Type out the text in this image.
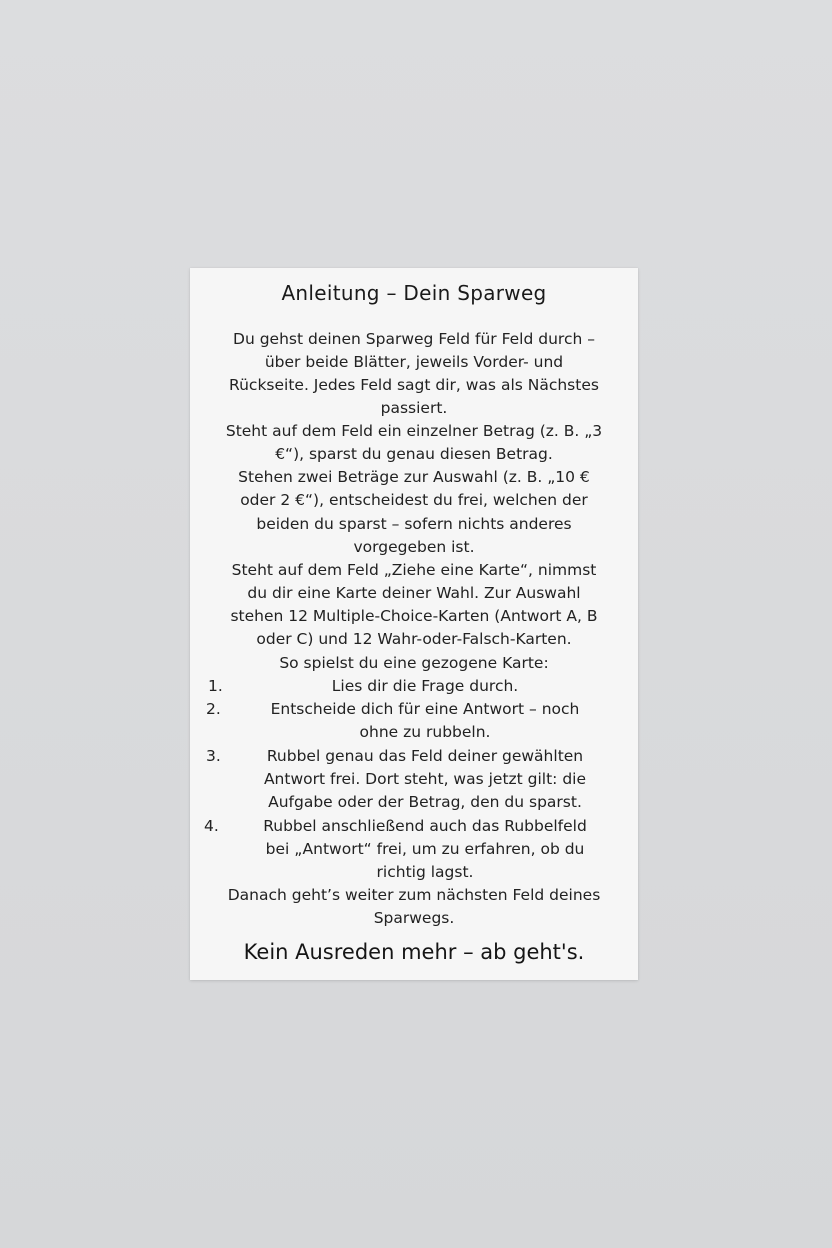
Anleitung – Dein Sparweg
Du gehst deinen Sparweg Feld für Feld durch –
über beide Blätter, jeweils Vorder- und
Rückseite. Jedes Feld sagt dir, was als Nächstes
passiert.
Steht auf dem Feld ein einzelner Betrag (z. B. „3
€“), sparst du genau diesen Betrag.
Stehen zwei Beträge zur Auswahl (z. B. „10 €
oder 2 €“), entscheidest du frei, welchen der
beiden du sparst – sofern nichts anderes
vorgegeben ist.
Steht auf dem Feld „Ziehe eine Karte“, nimmst
du dir eine Karte deiner Wahl. Zur Auswahl
stehen 12 Multiple-Choice-Karten (Antwort A, B
oder C) und 12 Wahr-oder-Falsch-Karten.
So spielst du eine gezogene Karte:
1.	Lies dir die Frage durch.
2.	Entscheide dich für eine Antwort – noch
ohne zu rubbeln.
3.	Rubbel genau das Feld deiner gewählten
Antwort frei. Dort steht, was jetzt gilt: die
Aufgabe oder der Betrag, den du sparst.
4.	Rubbel anschließend auch das Rubbelfeld
bei „Antwort“ frei, um zu erfahren, ob du
richtig lagst.
Danach geht’s weiter zum nächsten Feld deines
Sparwegs.
Kein Ausreden mehr – ab geht's.
